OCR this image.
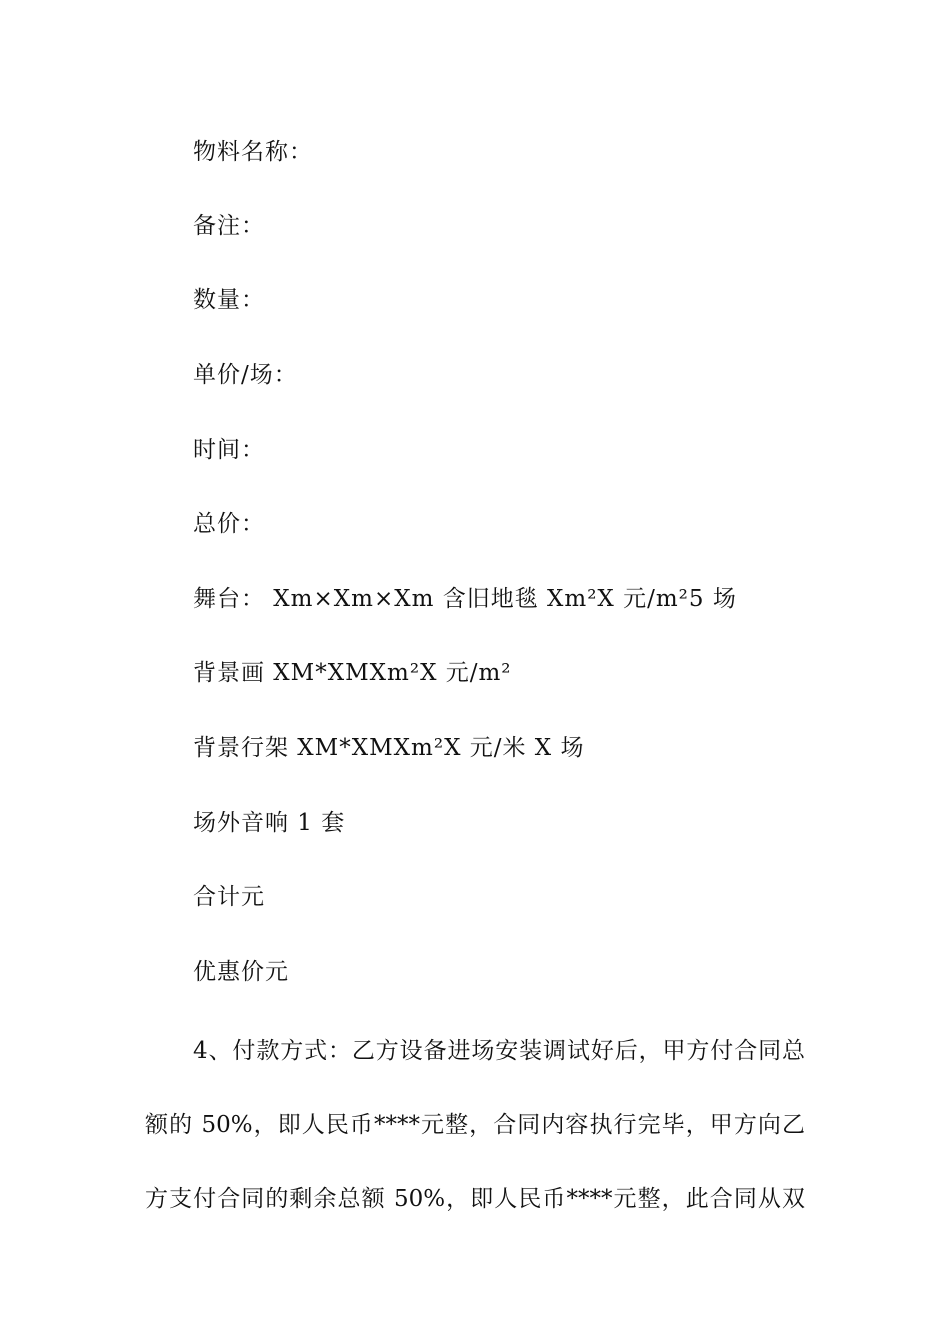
物料名称：
备注：
数量：
单价/场：
时间：
总价：
舞台： Xm×Xm×Xm 含旧地毯 Xm²X 元/m²5 场
背景画 XM*XMXm²X 元/m²
背景行架 XM*XMXm²X 元/米 X 场
场外音响 1 套
合计元
优惠价元
4、付款方式：乙方设备进场安装调试好后，甲方付合同总
额的 50%，即人民币****元整，合同内容执行完毕，甲方向乙
方支付合同的剩余总额 50%，即人民币****元整，此合同从双
